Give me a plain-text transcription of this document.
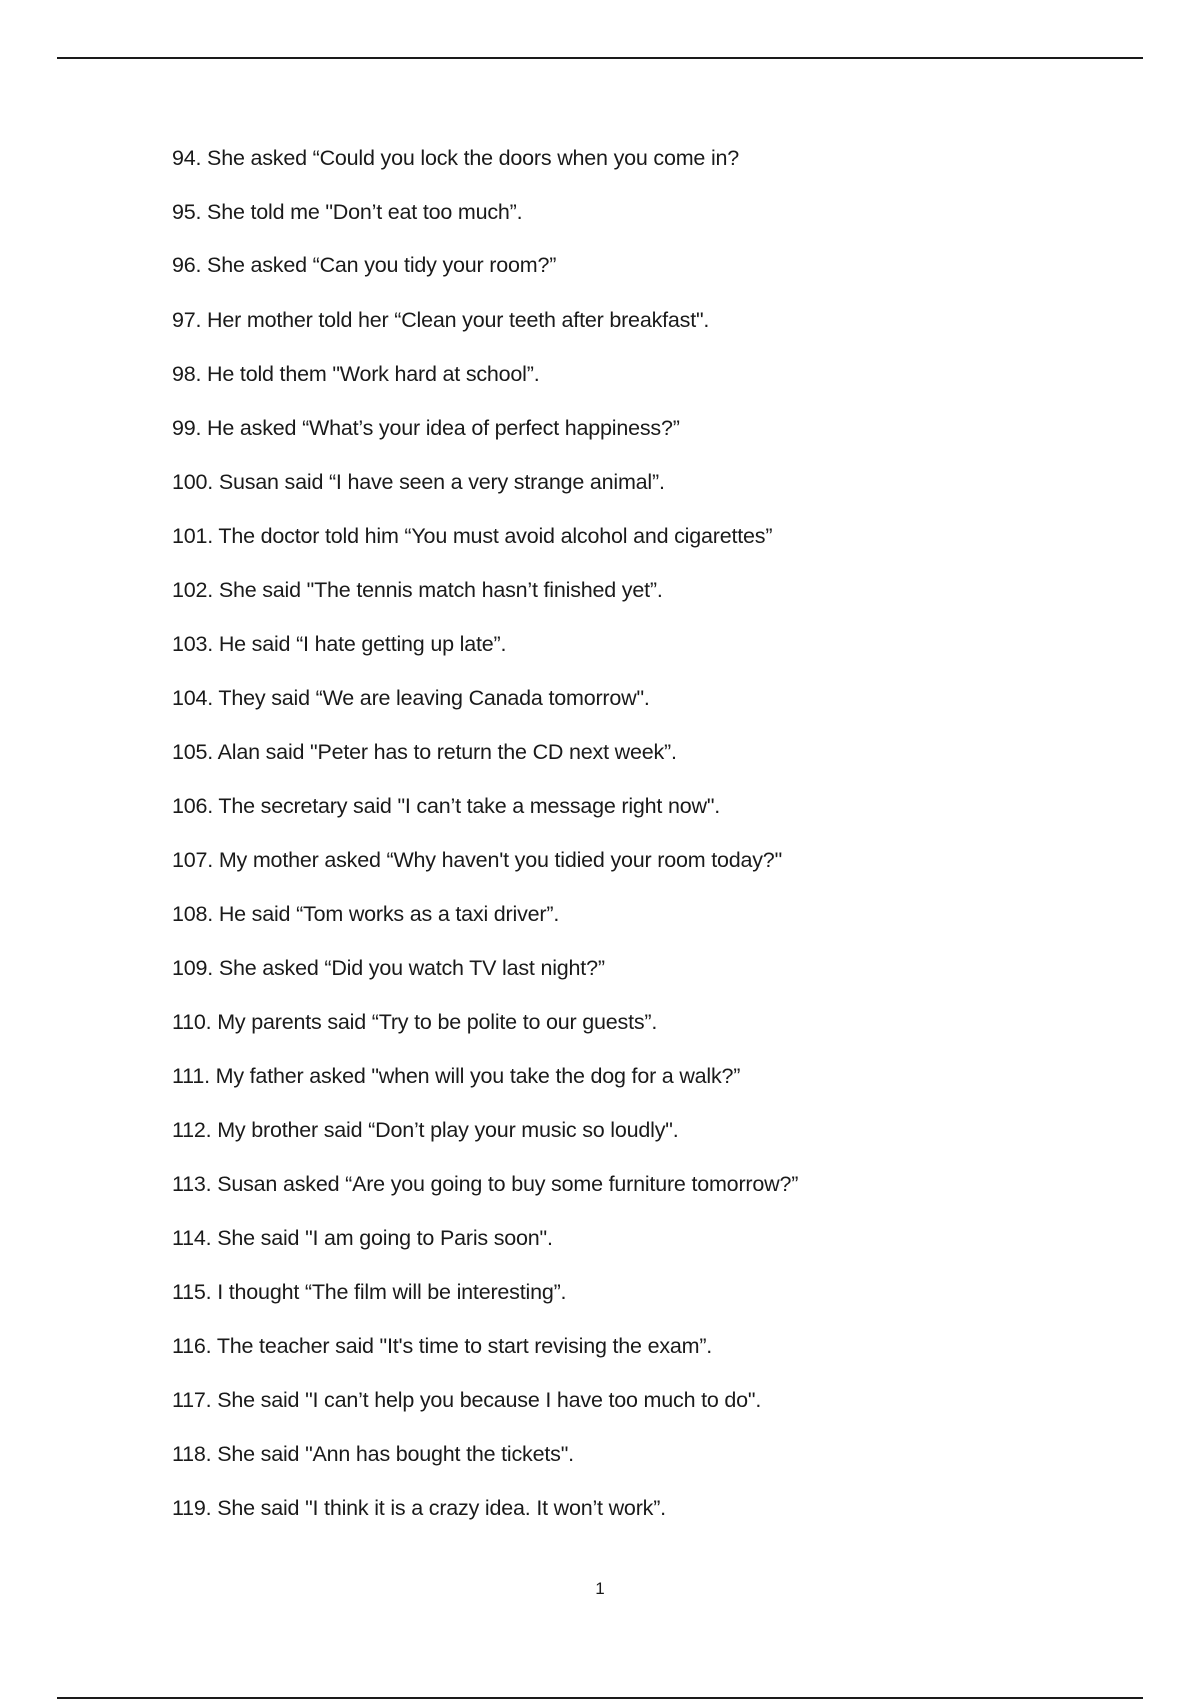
94. She asked “Could you lock the doors when you come in?
95. She told me "Don’t eat too much”.
96. She asked “Can you tidy your room?”
97. Her mother told her “Clean your teeth after breakfast".
98. He told them "Work hard at school”.
99. He asked “What’s your idea of perfect happiness?”
100. Susan said “I have seen a very strange animal”.
101. The doctor told him “You must avoid alcohol and cigarettes”
102. She said "The tennis match hasn’t finished yet”.
103. He said “I hate getting up late”.
104. They said “We are leaving Canada tomorrow".
105. Alan said "Peter has to return the CD next week”.
106. The secretary said "I can’t take a message right now".
107. My mother asked “Why haven't you tidied your room today?"
108. He said “Tom works as a taxi driver”.
109. She asked “Did you watch TV last night?”
110. My parents said “Try to be polite to our guests”.
111. My father asked "when will you take the dog for a walk?”
112. My brother said “Don’t play your music so loudly".
113. Susan asked “Are you going to buy some furniture tomorrow?”
114. She said "I am going to Paris soon".
115. I thought “The film will be interesting”.
116. The teacher said "It's time to start revising the exam”.
117. She said "I can’t help you because I have too much to do".
118. She said "Ann has bought the tickets".
119. She said "I think it is a crazy idea. It won’t work”.
1
